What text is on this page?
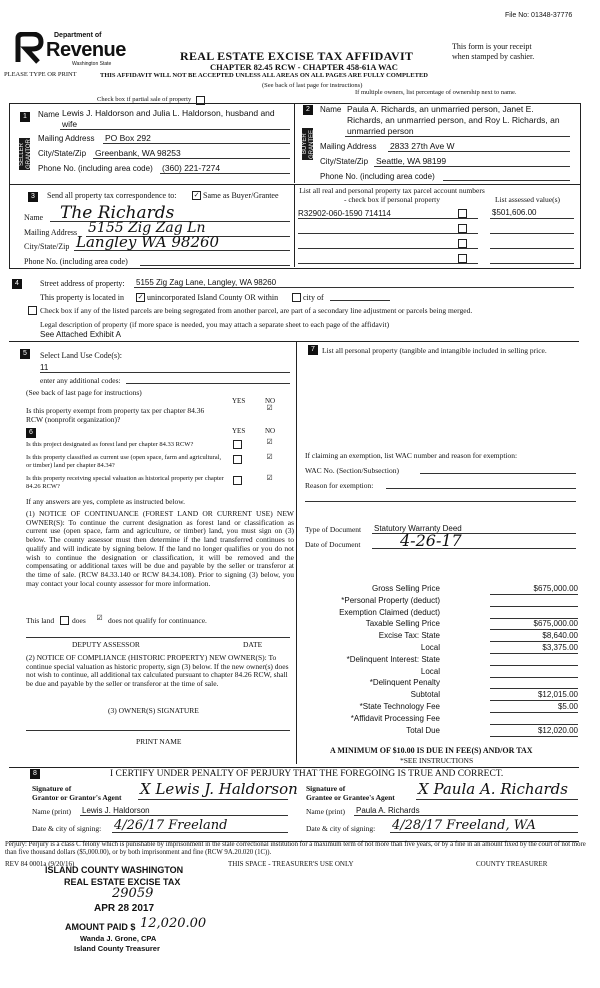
File No: 01348-37776
Department of
Revenue
Washington State
REAL ESTATE EXCISE TAX AFFIDAVIT
CHAPTER 82.45 RCW - CHAPTER 458-61A WAC
This form is your receipt
when stamped by cashier.
PLEASE TYPE OR PRINT	THIS AFFIDAVIT WILL NOT BE ACCEPTED UNLESS ALL AREAS ON ALL PAGES ARE FULLY COMPLETED
(See back of last page for instructions)
If multiple owners, list percentage of ownership next to name.
Check box if partial sale of property
1
SELLER GRANTOR
Name Lewis J. Haldorson and Julia L. Haldorson, husband and
wife
Mailing Address PO Box 292
City/State/Zip Greenbank, WA 98253
Phone No. (including area code) (360) 221-7274
2
BUYER GRANTEE
Name Paula A. Richards, an unmarried person, Janet E.
Richards, an unmarried person, and Roy L. Richards, an
unmarried person
Mailing Address 2833 27th Ave W
City/State/Zip Seattle, WA 98199
Phone No. (including area code)
3	Send all property tax correspondence to: ✓ Same as Buyer/Grantee
Name The Richards
Mailing Address 5155 Zig Zag Ln
City/State/Zip Langley WA 98260
Phone No. (including area code)
List all real and personal property tax parcel account numbers - check box if personal property	List assessed value(s)
R32902-060-1590 714114	$501,606.00
4	Street address of property: 5155 Zig Zag Lane, Langley, WA 98260
This property is located in ✓ unincorporated Island County OR within	city of
Check box if any of the listed parcels are being segregated from another parcel, are part of a secondary line adjustment or parcels being merged.
Legal description of property (if more space is needed, you may attach a separate sheet to each page of the affidavit)
See Attached Exhibit A
5	Select Land Use Code(s):
11
enter any additional codes:
(See back of last page for instructions)
YES	NO
Is this property exempt from property tax per chapter 84.36 RCW (nonprofit organization)?
☑
6	YES	NO
Is this project designated as forest land per chapter 84.33 RCW?	☑
Is this property classified as current use (open space, farm and agricultural, or timber) land per chapter 84.34?
☑
Is this property receiving special valuation as historical property per chapter 84.26 RCW?
☑
If any answers are yes, complete as instructed below.
(1) NOTICE OF CONTINUANCE (FOREST LAND OR CURRENT USE) NEW OWNER(S): To continue the current designation as forest land or classification as current use (open space, farm and agriculture, or timber) land, you must sign on (3) below. The county assessor must then determine if the land transferred continues to qualify and will indicate by signing below. If the land no longer qualifies or you do not wish to continue the designation or classification, it will be removed and the compensating or additional taxes will be due and payable by the seller or transferor at the time of sale. (RCW 84.33.140 or RCW 84.34.108). Prior to signing (3) below, you may contact your local county assessor for more information.
This land does ☑ does not qualify for continuance.
DEPUTY ASSESSOR	DATE
(2) NOTICE OF COMPLIANCE (HISTORIC PROPERTY) NEW OWNER(S): To continue special valuation as historic property, sign (3) below. If the new owner(s) does not wish to continue, all additional tax calculated pursuant to chapter 84.26 RCW, shall be due and payable by the seller or transferor at the time of sale.
(3) OWNER(S) SIGNATURE
PRINT NAME
7 List all personal property (tangible and intangible included in selling price.
If claiming an exemption, list WAC number and reason for exemption:
WAC No. (Section/Subsection)
Reason for exemption:
Type of Document Statutory Warranty Deed
Date of Document 4-26-17
Gross Selling Price	$675,000.00
*Personal Property (deduct)
Exemption Claimed (deduct)
Taxable Selling Price	$675,000.00
Excise Tax: State	$8,640.00
Local	$3,375.00
*Delinquent Interest: State
Local
*Delinquent Penalty
Subtotal	$12,015.00
*State Technology Fee	$5.00
*Affidavit Processing Fee
Total Due	$12,020.00
A MINIMUM OF $10.00 IS DUE IN FEE(S) AND/OR TAX
*SEE INSTRUCTIONS
8	I CERTIFY UNDER PENALTY OF PERJURY THAT THE FOREGOING IS TRUE AND CORRECT.
Signature of
Grantor or Grantor's Agent X Lewis J. Haldorson Signature of
Grantee or Grantee's Agent X Paula A. Richards
Name (print) Lewis J. Haldorson	Name (print) Paula A. Richards
Date & city of signing: 4/26/17 Freeland	Date & city of signing: 4/28/17 Freeland, WA
Perjury: Perjury is a class C felony which is punishable by imprisonment in the state correctional institution for a maximum term of not more than five years, or by a fine in an amount fixed by the court of not more than five thousand dollars ($5,000.00), or by both imprisonment and fine (RCW 9A.20.020 (1C)).
REV 84 0001a (9/20/16)	THIS SPACE - TREASURER'S USE ONLY	COUNTY TREASURER
ISLAND COUNTY WASHINGTON
REAL ESTATE EXCISE TAX
29059
APR 28 2017
AMOUNT PAID $ 12,020.00
Wanda J. Grone, CPA
Island County Treasurer
